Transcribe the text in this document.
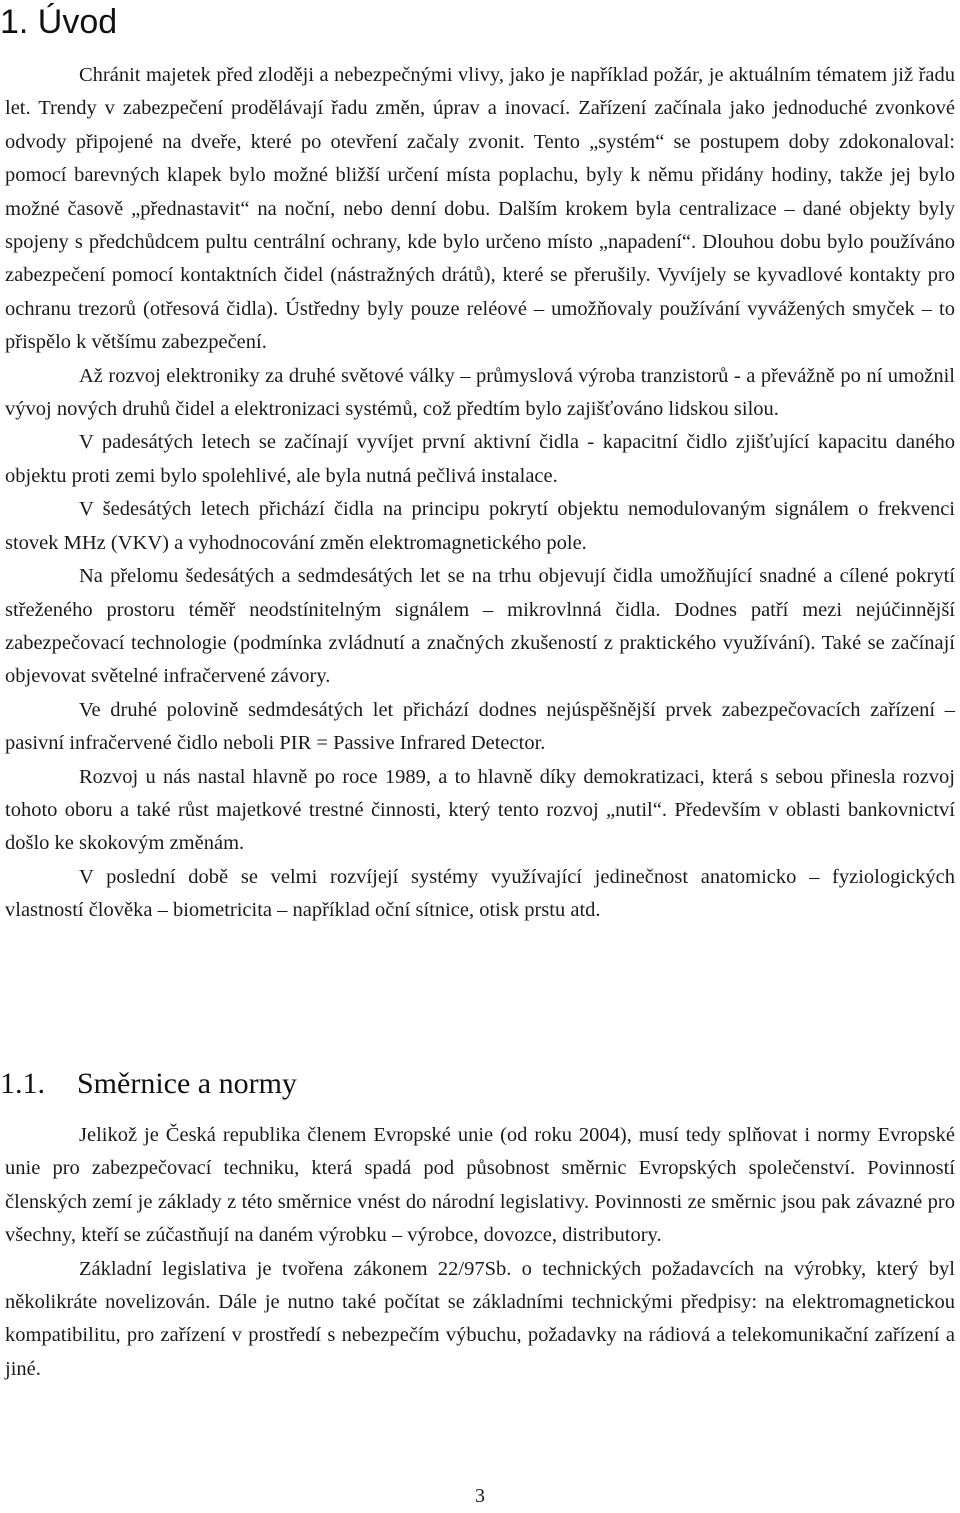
1. Úvod

Chránit majetek před zloději a nebezpečnými vlivy, jako je například požár, je aktuálním tématem již řadu let. Trendy v zabezpečení prodělávají řadu změn, úprav a inovací. Zařízení začínala jako jednoduché zvonkové odvody připojené na dveře, které po otevření začaly zvonit. Tento „systém“ se postupem doby zdokonaloval: pomocí barevných klapek bylo možné bližší určení místa poplachu, byly k němu přidány hodiny, takže jej bylo možné časově „přednastavit“ na noční, nebo denní dobu. Dalším krokem byla centralizace – dané objekty byly spojeny s předchůdcem pultu centrální ochrany, kde bylo určeno místo „napadení“. Dlouhou dobu bylo používáno zabezpečení pomocí kontaktních čidel (nástražných drátů), které se přerušily. Vyvíjely se kyvadlové kontakty pro ochranu trezorů (otřesová čidla). Ústředny byly pouze reléové – umožňovaly používání vyvážených smyček – to přispělo k většímu zabezpečení.

Až rozvoj elektroniky za druhé světové války – průmyslová výroba tranzistorů - a převážně po ní umožnil vývoj nových druhů čidel a elektronizaci systémů, což předtím bylo zajišťováno lidskou silou.

V padesátých letech se začínají vyvíjet první aktivní čidla - kapacitní čidlo zjišťující kapacitu daného objektu proti zemi bylo spolehlivé, ale byla nutná pečlivá instalace.

V šedesátých letech přichází čidla na principu pokrytí objektu nemodulovaným signálem o frekvenci stovek MHz (VKV) a vyhodnocování změn elektromagnetického pole.

Na přelomu šedesátých a sedmdesátých let se na trhu objevují čidla umožňující snadné a cílené pokrytí střeženého prostoru téměř neodstínitelným signálem – mikrovlnná čidla. Dodnes patří mezi nejúčinnější zabezpečovací technologie (podmínka zvládnutí a značných zkušeností z praktického využívání). Také se začínají objevovat světelné infračervené závory.

Ve druhé polovině sedmdesátých let přichází dodnes nejúspěšnější prvek zabezpečovacích zařízení – pasivní infračervené čidlo neboli PIR = Passive Infrared Detector.

Rozvoj u nás nastal hlavně po roce 1989, a to hlavně díky demokratizaci, která s sebou přinesla rozvoj tohoto oboru a také růst majetkové trestné činnosti, který tento rozvoj „nutil“. Především v oblasti bankovnictví došlo ke skokovým změnám.

V poslední době se velmi rozvíjejí systémy využívající jedinečnost anatomicko – fyziologických vlastností člověka – biometricita – například oční sítnice, otisk prstu atd.

1.1. Směrnice a normy

Jelikož je Česká republika členem Evropské unie (od roku 2004), musí tedy splňovat i normy Evropské unie pro zabezpečovací techniku, která spadá pod působnost směrnic Evropských společenství. Povinností členských zemí je základy z této směrnice vnést do národní legislativy. Povinnosti ze směrnic jsou pak závazné pro všechny, kteří se zúčastňují na daném výrobku – výrobce, dovozce, distributory.

Základní legislativa je tvořena zákonem 22/97Sb. o technických požadavcích na výrobky, který byl několikráte novelizován. Dále je nutno také počítat se základními technickými předpisy: na elektromagnetickou kompatibilitu, pro zařízení v prostředí s nebezpečím výbuchu, požadavky na rádiová a telekomunikační zařízení a jiné.

3
